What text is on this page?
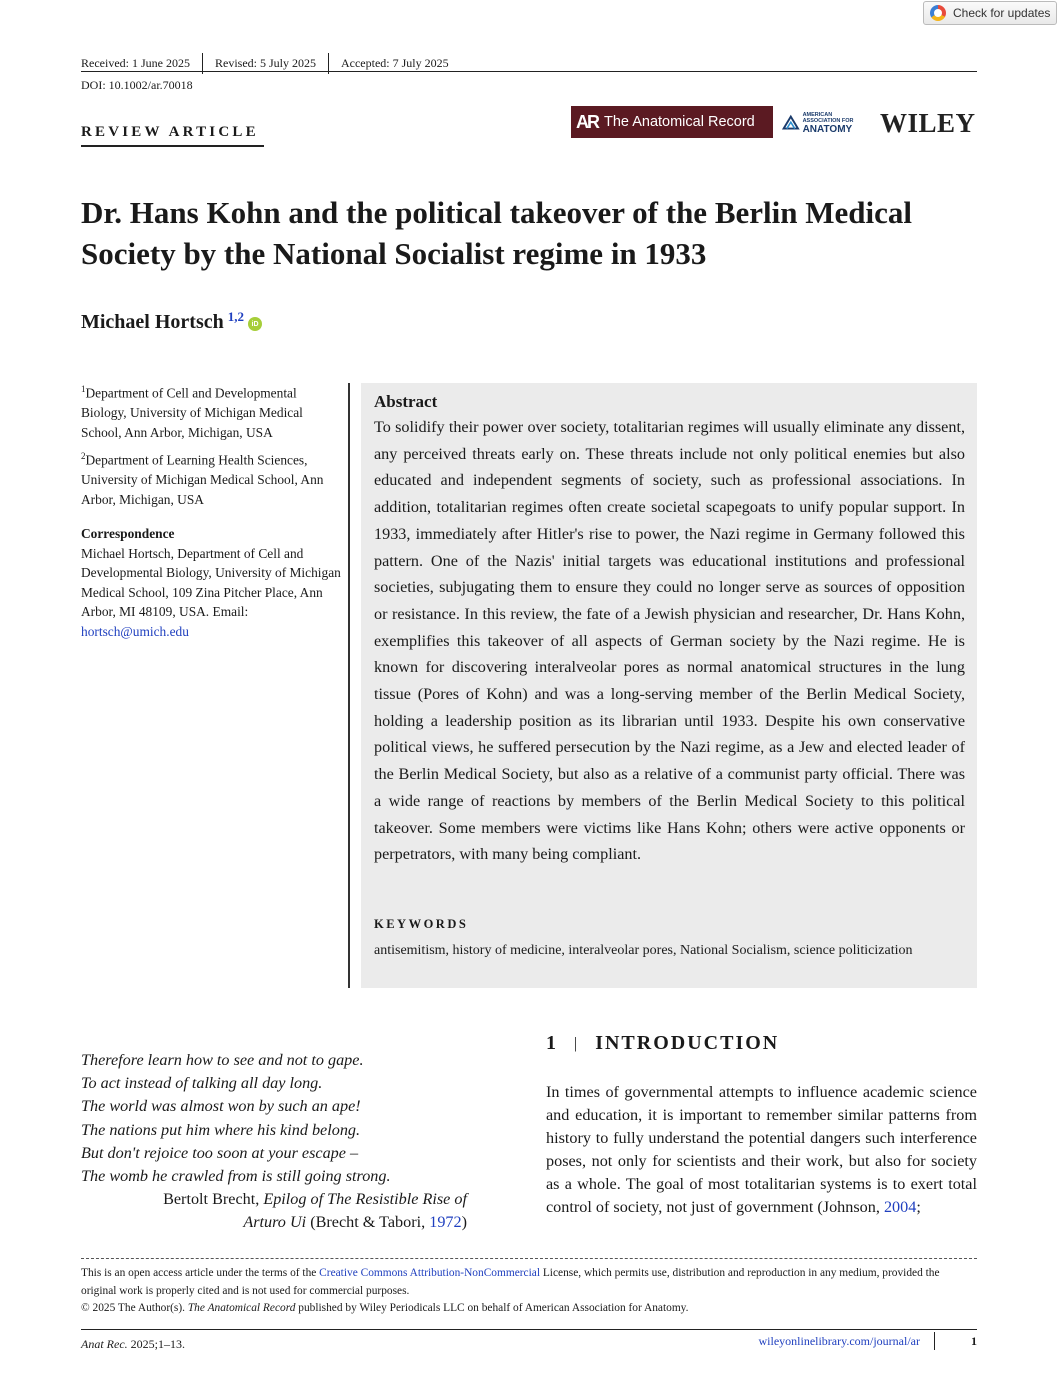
Check for updates
Received: 1 June 2025 Revised: 5 July 2025 Accepted: 7 July 2025
DOI: 10.1002/ar.70018
REVIEW ARTICLE
AR The Anatomical Record	AMERICAN ASSOCIATION FOR
ANATOMY	WILEY
Dr. Hans Kohn and the political takeover of the Berlin Medical Society by the National Socialist regime in 1933
Michael Hortsch $^{1,2}$	iD

$^1$Department of Cell and Developmental Biology, University of Michigan Medical School, Ann Arbor, Michigan, USA

$^2$Department of Learning Health Sciences, University of Michigan Medical School, Ann Arbor, Michigan, USA

Correspondence
Michael Hortsch, Department of Cell and Developmental Biology, University of Michigan Medical School, 109 Zina Pitcher Place, Ann Arbor, MI 48109, USA. Email: hortsch@umich.edu
Abstract

To solidify their power over society, totalitarian regimes will usually eliminate any dissent, any perceived threats early on. These threats include not only political enemies but also educated and independent segments of society, such as professional associations. In addition, totalitarian regimes often create societal scapegoats to unify popular support. In 1933, immediately after Hitler's rise to power, the Nazi regime in Germany followed this pattern. One of the Nazis' initial targets was educational institutions and professional societies, subjugating them to ensure they could no longer serve as sources of opposition or resistance. In this review, the fate of a Jewish physician and researcher, Dr. Hans Kohn, exemplifies this takeover of all aspects of German society by the Nazi regime. He is known for discovering interalveolar pores as normal anatomical structures in the lung tissue (Pores of Kohn) and was a long-serving member of the Berlin Medical Society, holding a leadership position as its librarian until 1933. Despite his own conservative political views, he suffered persecution by the Nazi regime, as a Jew and elected leader of the Berlin Medical Society, but also as a relative of a communist party official. There was a wide range of reactions by members of the Berlin Medical Society to this political takeover. Some members were victims like Hans Kohn; others were active opponents or perpetrators, with many being compliant.

KEYWORDS
antisemitism, history of medicine, interalveolar pores, National Socialism, science politicization
Therefore learn how to see and not to gape.
To act instead of talking all day long.
The world was almost won by such an ape!
The nations put him where his kind belong.
But don't rejoice too soon at your escape –
The womb he crawled from is still going strong.
Bertolt Brecht, Epilog of The Resistible Rise of
Arturo Ui (Brecht & Tabori, 1972)
1 | INTRODUCTION

In times of governmental attempts to influence academic science and education, it is important to remember similar patterns from history to fully understand the potential dangers such interference poses, not only for scientists and their work, but also for society as a whole. The goal of most totalitarian systems is to exert total control of society, not just of government (Johnson, 2004;

This is an open access article under the terms of the Creative Commons Attribution-NonCommercial License, which permits use, distribution and reproduction in any medium, provided the original work is properly cited and is not used for commercial purposes.
© 2025 The Author(s). The Anatomical Record published by Wiley Periodicals LLC on behalf of American Association for Anatomy.

Anat Rec. 2025;1–13.	wileyonlinelibrary.com/journal/ar	1
